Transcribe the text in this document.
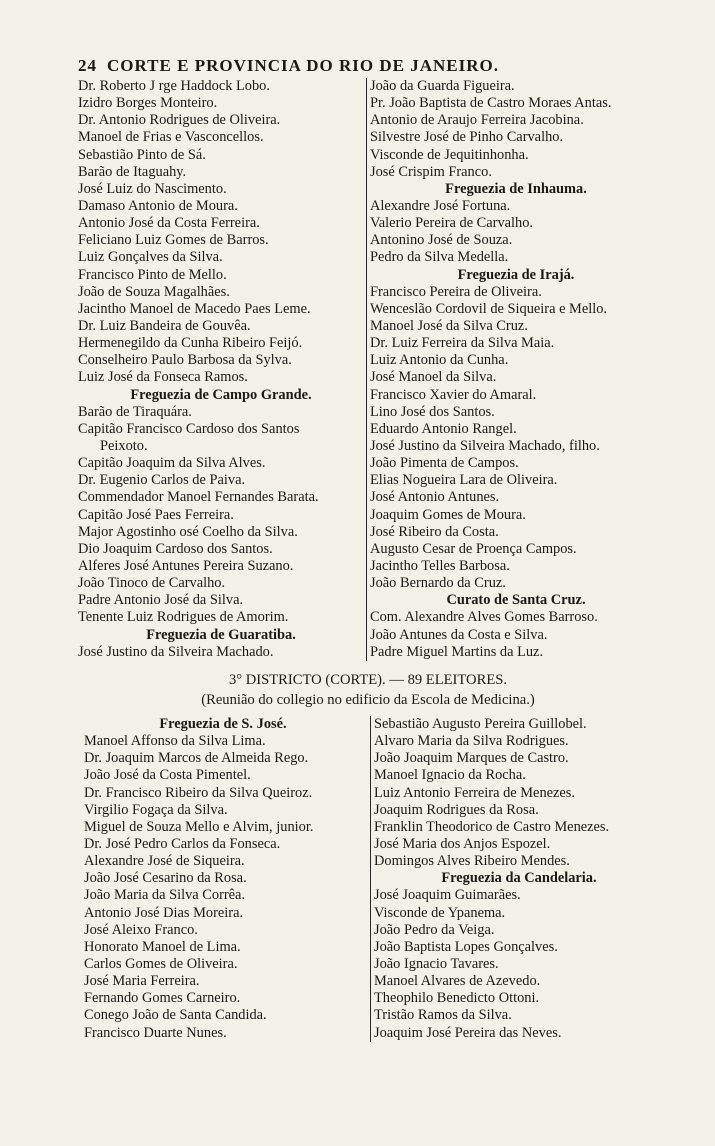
24 CORTE E PROVINCIA DO RIO DE JANEIRO.
Dr. Roberto J rge Haddock Lobo.
Izidro Borges Monteiro.
Dr. Antonio Rodrigues de Oliveira.
Manoel de Frias e Vasconcellos.
Sebastião Pinto de Sá.
Barão de Itaguahy.
José Luiz do Nascimento.
Damaso Antonio de Moura.
Antonio José da Costa Ferreira.
Feliciano Luiz Gomes de Barros.
Luiz Gonçalves da Silva.
Francisco Pinto de Mello.
João de Souza Magalhães.
Jacintho Manoel de Macedo Paes Leme.
Dr. Luiz Bandeira de Gouvêa.
Hermenegildo da Cunha Ribeiro Feijó.
Conselheiro Paulo Barbosa da Sylva.
Luiz José da Fonseca Ramos.
Freguezia de Campo Grande.
Barão de Tiraquára.
Capitão Francisco Cardoso dos Santos
Peixoto.
Capitão Joaquim da Silva Alves.
Dr. Eugenio Carlos de Paiva.
Commendador Manoel Fernandes Barata.
Capitão José Paes Ferreira.
Major Agostinho osé Coelho da Silva.
Dio Joaquim Cardoso dos Santos.
Alferes José Antunes Pereira Suzano.
João Tinoco de Carvalho.
Padre Antonio José da Silva.
Tenente Luiz Rodrigues de Amorim.
Freguezia de Guaratiba.
José Justino da Silveira Machado.
João da Guarda Figueira.
Pr. João Baptista de Castro Moraes Antas.
Antonio de Araujo Ferreira Jacobina.
Silvestre José de Pinho Carvalho.
Visconde de Jequitinhonha.
José Crispim Franco.
Freguezia de Inhauma.
Alexandre José Fortuna.
Valerio Pereira de Carvalho.
Antonino José de Souza.
Pedro da Silva Medella.
Freguezia de Irajá.
Francisco Pereira de Oliveira.
Wenceslão Cordovil de Siqueira e Mello.
Manoel José da Silva Cruz.
Dr. Luiz Ferreira da Silva Maia.
Luiz Antonio da Cunha.
José Manoel da Silva.
Francisco Xavier do Amaral.
Lino José dos Santos.
Eduardo Antonio Rangel.
José Justino da Silveira Machado, filho.
João Pimenta de Campos.
Elias Nogueira Lara de Oliveira.
José Antonio Antunes.
Joaquim Gomes de Moura.
José Ribeiro da Costa.
Augusto Cesar de Proença Campos.
Jacintho Telles Barbosa.
João Bernardo da Cruz.
Curato de Santa Cruz.
Com. Alexandre Alves Gomes Barroso.
João Antunes da Costa e Silva.
Padre Miguel Martins da Luz.
3° DISTRICTO (CORTE). — 89 ELEITORES.
(Reunião do collegio no edificio da Escola de Medicina.)
Freguezia de S. José.
Manoel Affonso da Silva Lima.
Dr. Joaquim Marcos de Almeida Rego.
João José da Costa Pimentel.
Dr. Francisco Ribeiro da Silva Queiroz.
Virgilio Fogaça da Silva.
Miguel de Souza Mello e Alvim, junior.
Dr. José Pedro Carlos da Fonseca.
Alexandre José de Siqueira.
João José Cesarino da Rosa.
João Maria da Silva Corrêa.
Antonio José Dias Moreira.
José Aleixo Franco.
Honorato Manoel de Lima.
Carlos Gomes de Oliveira.
José Maria Ferreira.
Fernando Gomes Carneiro.
Conego João de Santa Candida.
Francisco Duarte Nunes.
Sebastião Augusto Pereira Guillobel.
Alvaro Maria da Silva Rodrigues.
João Joaquim Marques de Castro.
Manoel Ignacio da Rocha.
Luiz Antonio Ferreira de Menezes.
Joaquim Rodrigues da Rosa.
Franklin Theodorico de Castro Menezes.
José Maria dos Anjos Espozel.
Domingos Alves Ribeiro Mendes.
Freguezia da Candelaria.
José Joaquim Guimarães.
Visconde de Ypanema.
João Pedro da Veiga.
João Baptista Lopes Gonçalves.
João Ignacio Tavares.
Manoel Alvares de Azevedo.
Theophilo Benedicto Ottoni.
Tristão Ramos da Silva.
Joaquim José Pereira das Neves.
